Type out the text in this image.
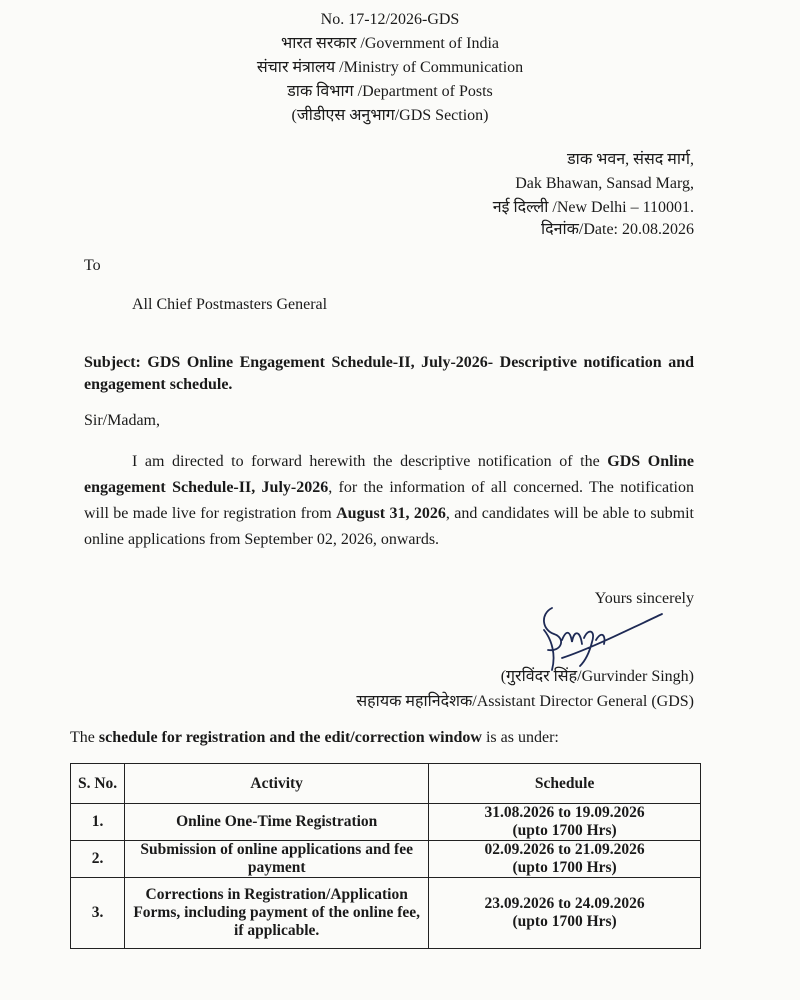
No. 17-12/2026-GDS
भारत सरकार /Government of India
संचार मंत्रालय /Ministry of Communication
डाक विभाग /Department of Posts
(जीडीएस अनुभाग/GDS Section)
डाक भवन, संसद मार्ग,
Dak Bhawan, Sansad Marg,
नई दिल्ली /New Delhi – 110001.
दिनांक/Date: 20.08.2026
To
All Chief Postmasters General
Subject: GDS Online Engagement Schedule-II, July-2026- Descriptive notification and engagement schedule.
Sir/Madam,
I am directed to forward herewith the descriptive notification of the GDS Online engagement Schedule-II, July-2026, for the information of all concerned. The notification will be made live for registration from August 31, 2026, and candidates will be able to submit online applications from September 02, 2026, onwards.
Yours sincerely
(गुरविंदर सिंह/Gurvinder Singh)
सहायक महानिदेशक/Assistant Director General (GDS)
The schedule for registration and the edit/correction window is as under:
S. No.	Activity	Schedule
1.	Online One-Time Registration	31.08.2026 to 19.09.2026
(upto 1700 Hrs)

2.	Submission of online applications and fee payment	02.09.2026 to 21.09.2026
(upto 1700 Hrs)

3.	Corrections in Registration/Application Forms, including payment of the online fee, if applicable.	23.09.2026 to 24.09.2026
(upto 1700 Hrs)
